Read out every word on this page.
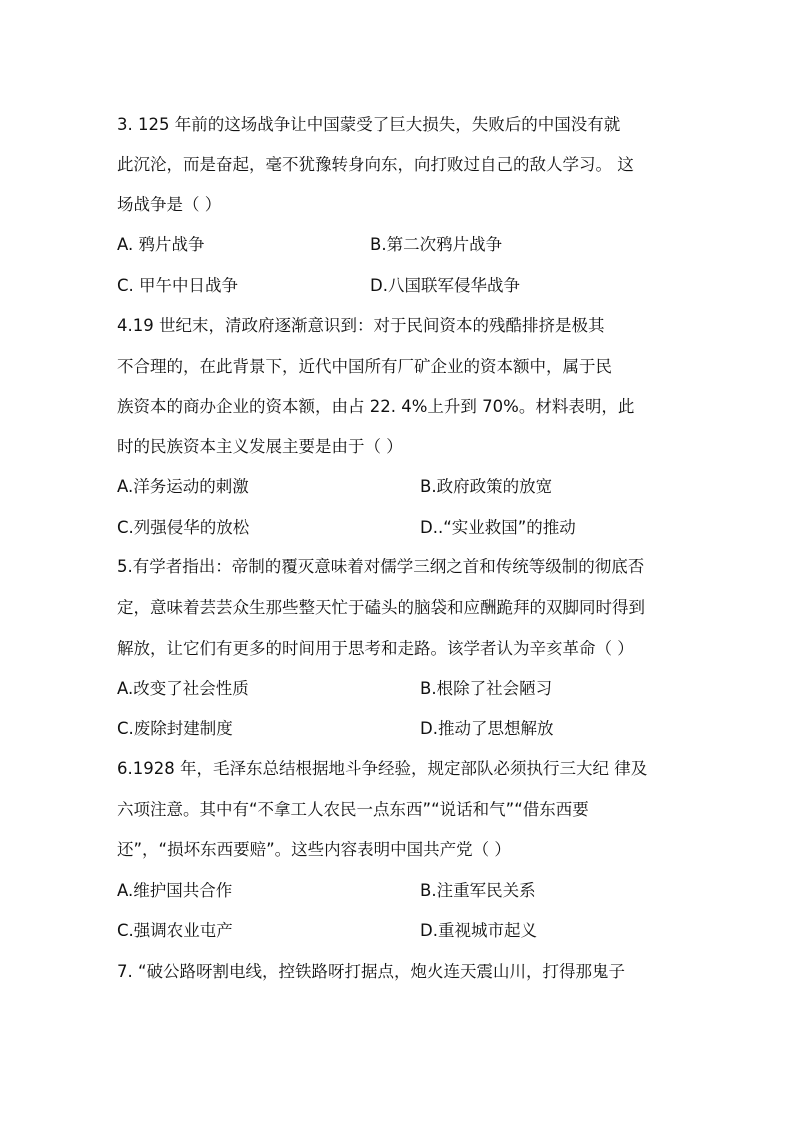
3. 125 年前的这场战争让中国蒙受了巨大损失，失败后的中国没有就
此沉沦，而是奋起，毫不犹豫转身向东，向打败过自己的敌人学习。 这
场战争是（ ）
A. 鸦片战争	B.第二次鸦片战争
C. 甲午中日战争	D.八国联军侵华战争
4.19 世纪末，清政府逐渐意识到：对于民间资本的残酷排挤是极其
不合理的，在此背景下，近代中国所有厂矿企业的资本额中，属于民
族资本的商办企业的资本额，由占 22. 4%上升到 70%。材料表明，此
时的民族资本主义发展主要是由于（ ）
A.洋务运动的刺激	B.政府政策的放宽
C.列强侵华的放松	D..“实业救国”的推动
5.有学者指出：帝制的覆灭意味着对儒学三纲之首和传统等级制的彻底否
定，意味着芸芸众生那些整天忙于磕头的脑袋和应酬跪拜的双脚同时得到
解放，让它们有更多的时间用于思考和走路。该学者认为辛亥革命（ ）
A.改变了社会性质	B.根除了社会陋习
C.废除封建制度	D.推动了思想解放
6.1928 年，毛泽东总结根据地斗争经验，规定部队必须执行三大纪 律及
六项注意。其中有“不拿工人农民一点东西”“说话和气”“借东西要
还”，“损坏东西要赔”。这些内容表明中国共产党（ ）
A.维护国共合作	B.注重军民关系
C.强调农业屯产	D.重视城市起义
7. “破公路呀割电线，控铁路呀打据点，炮火连天震山川，打得那鬼子
